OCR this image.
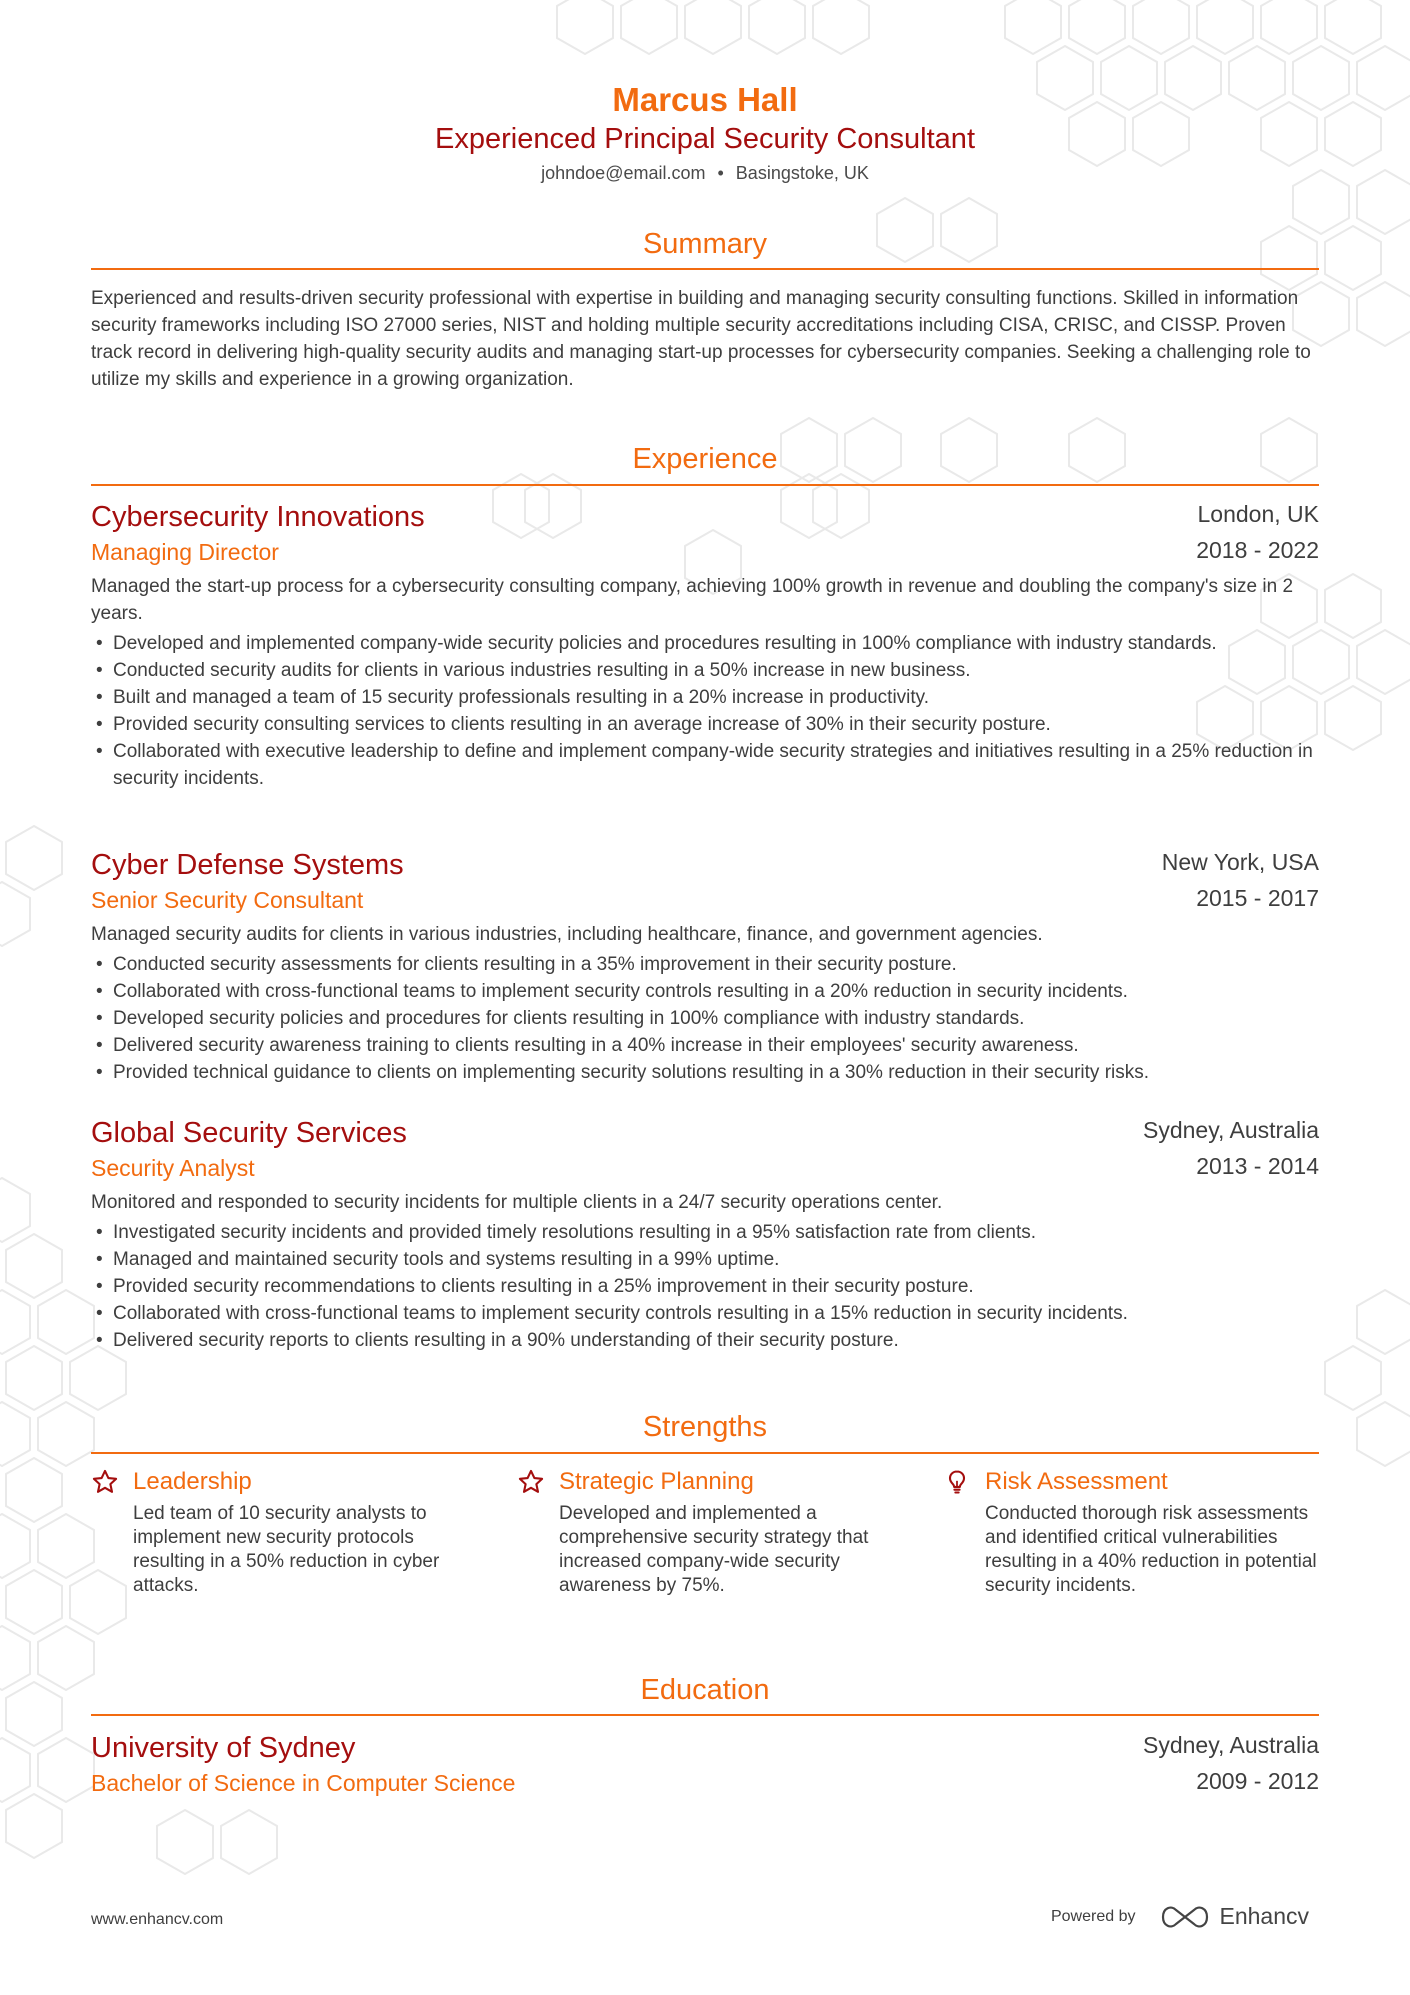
Marcus Hall
Experienced Principal Security Consultant
johndoe@email.com • Basingstoke, UK
Summary
Experienced and results-driven security professional with expertise in building and managing security consulting functions. Skilled in information security frameworks including ISO 27000 series, NIST and holding multiple security accreditations including CISA, CRISC, and CISSP. Proven track record in delivering high-quality security audits and managing start-up processes for cybersecurity companies. Seeking a challenging role to utilize my skills and experience in a growing organization.
Experience
Cybersecurity Innovations
Managing Director
London, UK
2018 - 2022
Managed the start-up process for a cybersecurity consulting company, achieving 100% growth in revenue and doubling the company's size in 2 years.
• Developed and implemented company-wide security policies and procedures resulting in 100% compliance with industry standards.
• Conducted security audits for clients in various industries resulting in a 50% increase in new business.
• Built and managed a team of 15 security professionals resulting in a 20% increase in productivity.
• Provided security consulting services to clients resulting in an average increase of 30% in their security posture.
• Collaborated with executive leadership to define and implement company-wide security strategies and initiatives resulting in a 25% reduction in security incidents.
Cyber Defense Systems
Senior Security Consultant
New York, USA
2015 - 2017
Managed security audits for clients in various industries, including healthcare, finance, and government agencies.
• Conducted security assessments for clients resulting in a 35% improvement in their security posture.
• Collaborated with cross-functional teams to implement security controls resulting in a 20% reduction in security incidents.
• Developed security policies and procedures for clients resulting in 100% compliance with industry standards.
• Delivered security awareness training to clients resulting in a 40% increase in their employees' security awareness.
• Provided technical guidance to clients on implementing security solutions resulting in a 30% reduction in their security risks.
Global Security Services
Security Analyst
Sydney, Australia
2013 - 2014
Monitored and responded to security incidents for multiple clients in a 24/7 security operations center.
• Investigated security incidents and provided timely resolutions resulting in a 95% satisfaction rate from clients.
• Managed and maintained security tools and systems resulting in a 99% uptime.
• Provided security recommendations to clients resulting in a 25% improvement in their security posture.
• Collaborated with cross-functional teams to implement security controls resulting in a 15% reduction in security incidents.
• Delivered security reports to clients resulting in a 90% understanding of their security posture.
Strengths
Leadership
Led team of 10 security analysts to implement new security protocols resulting in a 50% reduction in cyber attacks.
Strategic Planning
Developed and implemented a comprehensive security strategy that increased company-wide security awareness by 75%.
Risk Assessment
Conducted thorough risk assessments and identified critical vulnerabilities resulting in a 40% reduction in potential security incidents.
Education
University of Sydney
Bachelor of Science in Computer Science
Sydney, Australia
2009 - 2012
www.enhancv.com	Powered by	Enhancv
